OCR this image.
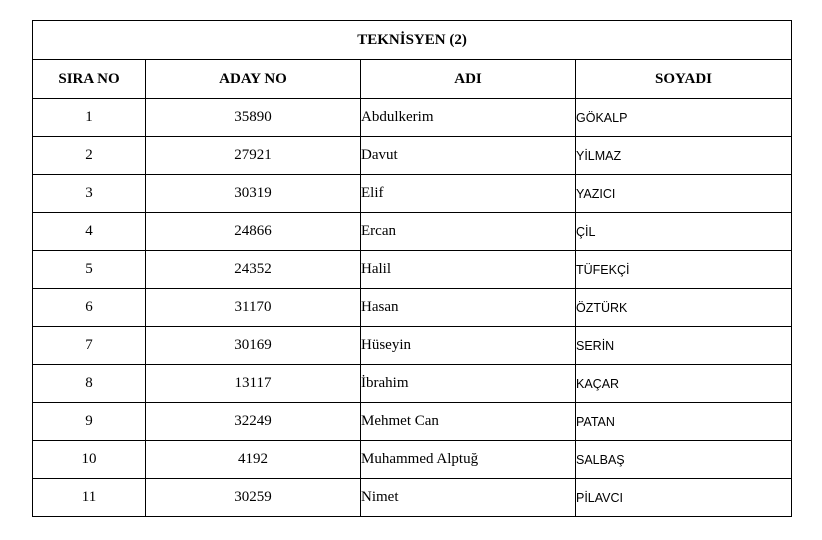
TEKNİSYEN (2)			
SIRA NO	ADAY NO	ADI	SOYADI
1	35890	Abdulkerim	GÖKALP
2	27921	Davut	YİLMAZ
3	30319	Elif	YAZICI
4	24866	Ercan	ÇİL
5	24352	Halil	TÜFEKÇİ
6	31170	Hasan	ÖZTÜRK
7	30169	Hüseyin	SERİN
8	13117	İbrahim	KAÇAR
9	32249	Mehmet Can	PATAN
10	4192	Muhammed Alptuğ	SALBAŞ
11	30259	Nimet	PİLAVCI
